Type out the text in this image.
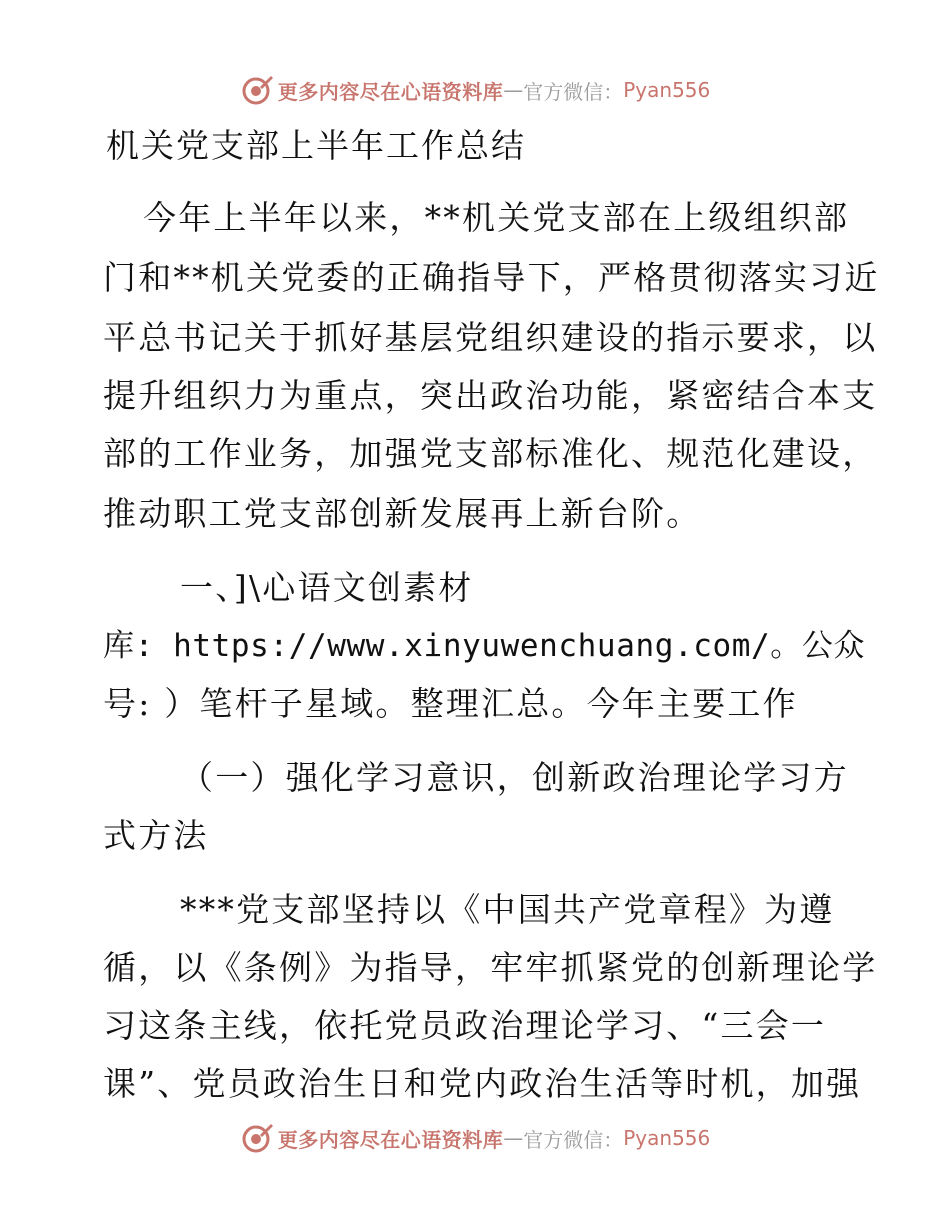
更多内容尽在心语资料库 — 官方微信： Pyan556
机关党支部上半年工作总结
今年上半年以来，**机关党支部在上级组织部
门和**机关党委的正确指导下，严格贯彻落实习近
平总书记关于抓好基层党组织建设的指示要求，以
提升组织力为重点，突出政治功能，紧密结合本支
部的工作业务，加强党支部标准化、规范化建设，
推动职工党支部创新发展再上新台阶。
一、]\心语文创素材
库: https://www.xinyuwenchuang.com/。公众
号: ）笔杆子星域。整理汇总。今年主要工作
（一）强化学习意识，创新政治理论学习方
式方法
***党支部坚持以《中国共产党章程》为遵
循，以《条例》为指导，牢牢抓紧党的创新理论学
习这条主线，依托党员政治理论学习、“三会一
课”、党员政治生日和党内政治生活等时机，加强
更多内容尽在心语资料库 — 官方微信： Pyan556
